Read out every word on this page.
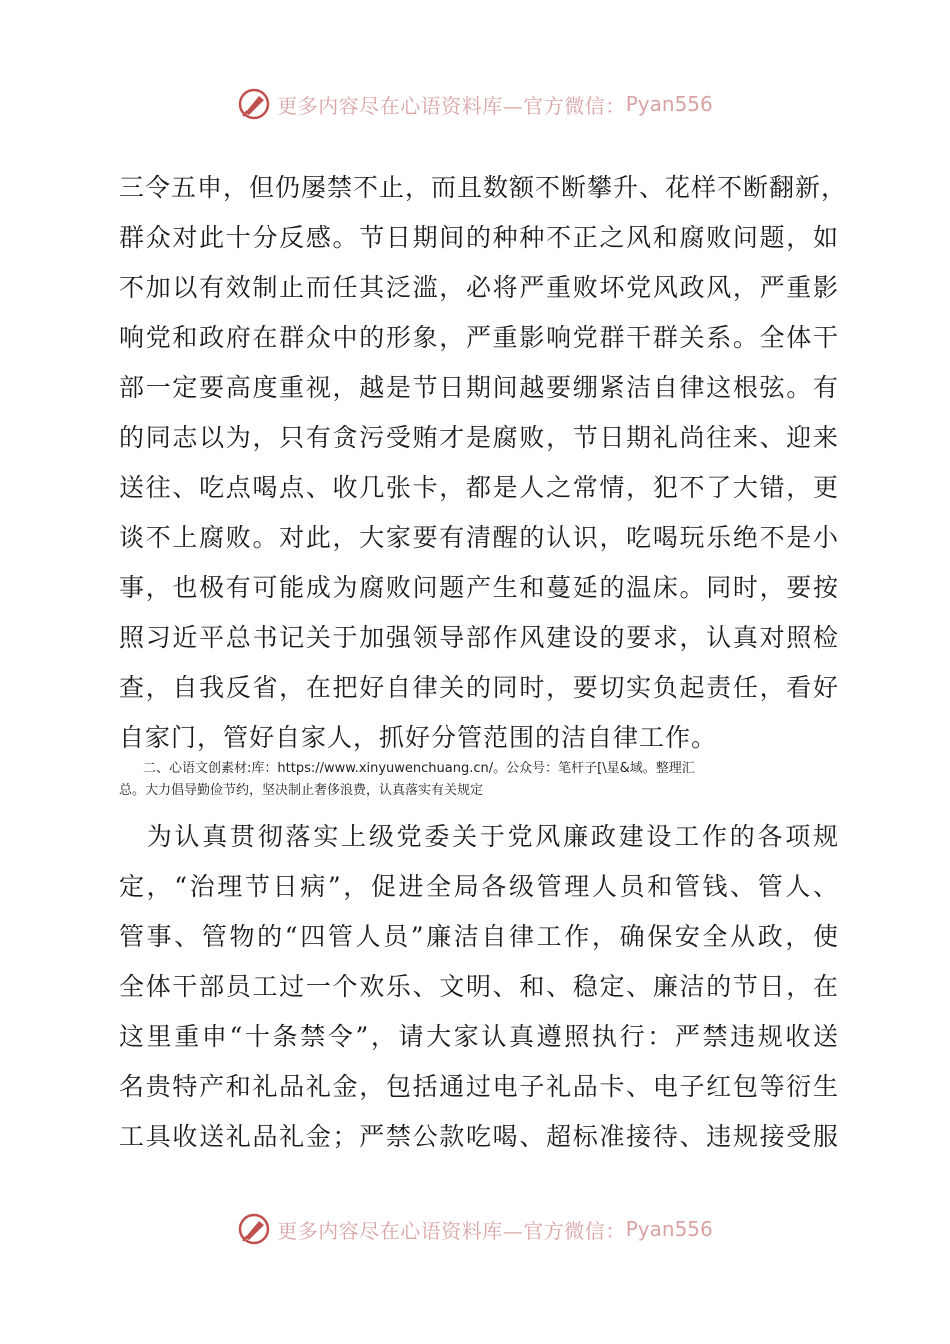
更多内容尽在心语资料库—官方微信： Pyan556
三令五申，但仍屡禁不止，而且数额不断攀升、花样不断翻新，
群众对此十分反感。节日期间的种种不正之风和腐败问题，如
不加以有效制止而任其泛滥，必将严重败坏党风政风，严重影
响党和政府在群众中的形象，严重影响党群干群关系。全体干
部一定要高度重视，越是节日期间越要绷紧洁自律这根弦。有
的同志以为，只有贪污受贿才是腐败，节日期礼尚往来、迎来
送往、吃点喝点、收几张卡，都是人之常情，犯不了大错，更
谈不上腐败。对此，大家要有清醒的认识，吃喝玩乐绝不是小
事，也极有可能成为腐败问题产生和蔓延的温床。同时，要按
照习近平总书记关于加强领导部作风建设的要求，认真对照检
查，自我反省，在把好自律关的同时，要切实负起责任，看好
自家门，管好自家人，抓好分管范围的洁自律工作。
二、心语文创素材:库：https://www.xinyuwenchuang.cn/。公众号：笔杆子[\星&域。整理汇
总。大力倡导勤俭节约，坚决制止奢侈浪费，认真落实有关规定
　为认真贯彻落实上级党委关于党风廉政建设工作的各项规
定，“治理节日病”，促进全局各级管理人员和管钱、管人、
管事、管物的“四管人员”廉洁自律工作，确保安全从政，使
全体干部员工过一个欢乐、文明、和、稳定、廉洁的节日，在
这里重申“十条禁令”，请大家认真遵照执行：严禁违规收送
名贵特产和礼品礼金，包括通过电子礼品卡、电子红包等衍生
工具收送礼品礼金；严禁公款吃喝、超标准接待、违规接受服
更多内容尽在心语资料库—官方微信： Pyan556
